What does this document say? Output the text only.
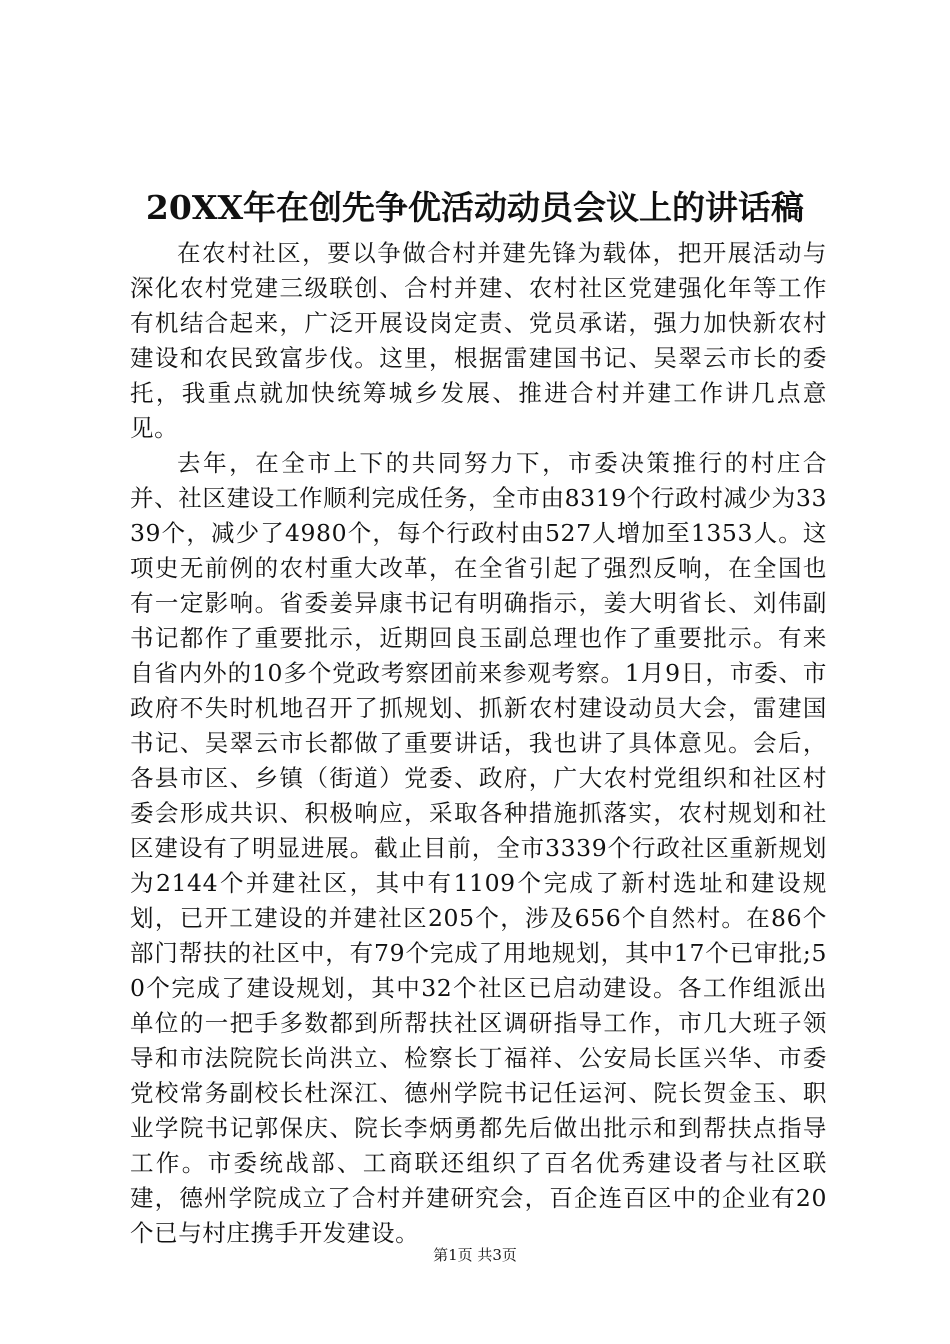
20XX年在创先争优活动动员会议上的讲话稿

在农村社区，要以争做合村并建先锋为载体，把开展活动与深化农村党建三级联创、合村并建、农村社区党建强化年等工作有机结合起来，广泛开展设岗定责、党员承诺，强力加快新农村建设和农民致富步伐。这里，根据雷建国书记、吴翠云市长的委托，我重点就加快统筹城乡发展、推进合村并建工作讲几点意见。

去年，在全市上下的共同努力下，市委决策推行的村庄合并、社区建设工作顺利完成任务，全市由8319个行政村减少为3339个，减少了4980个，每个行政村由527人增加至1353人。这项史无前例的农村重大改革，在全省引起了强烈反响，在全国也有一定影响。省委姜异康书记有明确指示，姜大明省长、刘伟副书记都作了重要批示，近期回良玉副总理也作了重要批示。有来自省内外的10多个党政考察团前来参观考察。1月9日，市委、市政府不失时机地召开了抓规划、抓新农村建设动员大会，雷建国书记、吴翠云市长都做了重要讲话，我也讲了具体意见。会后，各县市区、乡镇（街道）党委、政府，广大农村党组织和社区村委会形成共识、积极响应，采取各种措施抓落实，农村规划和社区建设有了明显进展。截止目前，全市3339个行政社区重新规划为2144个并建社区，其中有1109个完成了新村选址和建设规划，已开工建设的并建社区205个，涉及656个自然村。在86个部门帮扶的社区中，有79个完成了用地规划，其中17个已审批;50个完成了建设规划，其中32个社区已启动建设。各工作组派出单位的一把手多数都到所帮扶社区调研指导工作，市几大班子领导和市法院院长尚洪立、检察长丁福祥、公安局长匡兴华、市委党校常务副校长杜深江、德州学院书记任运河、院长贺金玉、职业学院书记郭保庆、院长李炳勇都先后做出批示和到帮扶点指导工作。市委统战部、工商联还组织了百名优秀建设者与社区联建，德州学院成立了合村并建研究会，百企连百区中的企业有20个已与村庄携手开发建设。

第1页 共3页
